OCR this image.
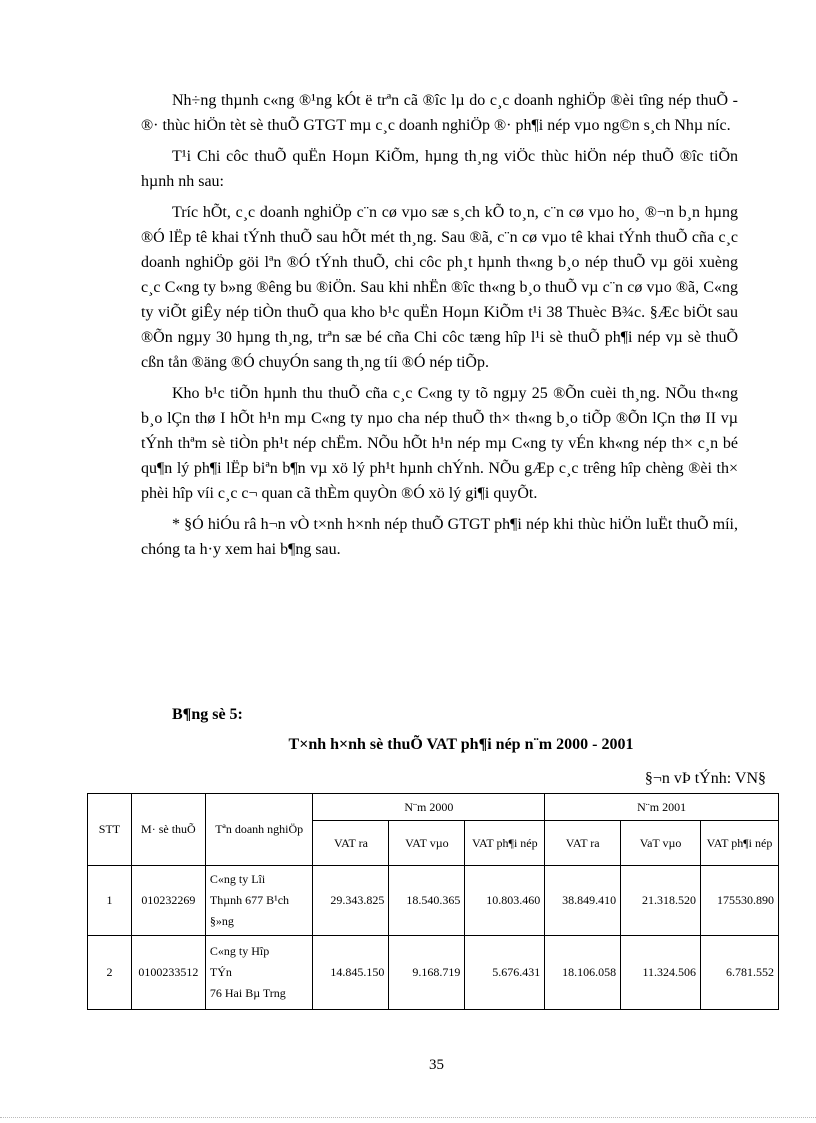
Nh÷ng thµnh c«ng ®¹ng kÓt ë trªn cã ®îc lµ do c¸c doanh nghiÖp ®èi tîng nép thuÕ - ®· thùc hiÖn tèt sè thuÕ GTGT mµ c¸c doanh nghiÖp ®· ph¶i nép vµo ng©n s¸ch Nhµ níc.

T¹i Chi côc thuÕ quËn Hoµn KiÕm, hµng th¸ng viÖc thùc hiÖn nép thuÕ ®îc tiÕn hµnh nh sau:

Tríc hÕt, c¸c doanh nghiÖp c¨n cø vµo sæ s¸ch kÕ to¸n, c¨n cø vµo ho¸ ®¬n b¸n hµng ®Ó lËp tê khai tÝnh thuÕ sau hÕt mét th¸ng. Sau ®ã, c¨n cø vµo tê khai tÝnh thuÕ cña c¸c doanh nghiÖp göi lªn ®Ó tÝnh thuÕ, chi côc ph¸t hµnh th«ng b¸o nép thuÕ vµ göi xuèng c¸c C«ng ty b»ng ®êng bu ®iÖn. Sau khi nhËn ®îc th«ng b¸o thuÕ vµ c¨n cø vµo ®ã, C«ng ty viÕt giÊy nép tiÒn thuÕ qua kho b¹c quËn Hoµn KiÕm t¹i 38 Thuèc B¾c. §Æc biÖt sau ®Õn ngµy 30 hµng th¸ng, trªn sæ bé cña Chi côc tæng hîp l¹i sè thuÕ ph¶i nép vµ sè thuÕ cßn tån ®äng ®Ó chuyÓn sang th¸ng tíi ®Ó nép tiÕp.

Kho b¹c tiÕn hµnh thu thuÕ cña c¸c C«ng ty tõ ngµy 25 ®Õn cuèi th¸ng. NÕu th«ng b¸o lÇn thø I hÕt h¹n mµ C«ng ty nµo cha nép thuÕ th× th«ng b¸o tiÕp ®Õn lÇn thø II vµ tÝnh thªm sè tiÒn ph¹t nép chËm. NÕu hÕt h¹n nép mµ C«ng ty vÉn kh«ng nép th× c¸n bé qu¶n lý ph¶i lËp biªn b¶n vµ xö lý ph¹t hµnh chÝnh. NÕu gÆp c¸c trêng hîp chèng ®èi th× phèi hîp víi c¸c c¬ quan cã thÈm quyÒn ®Ó xö lý gi¶i quyÕt.

* §Ó hiÓu râ h¬n vÒ t×nh h×nh nép thuÕ GTGT ph¶i nép khi thùc hiÖn luËt thuÕ míi, chóng ta h·y xem hai b¶ng sau.

B¶ng sè 5:
T×nh h×nh sè thuÕ VAT ph¶i nép n¨m 2000 - 2001
§¬n vÞ tÝnh: VN§
STT	M· sè thuÕ	Tªn doanh nghiÖp	N¨m 2000			N¨m 2001		
			VAT ra	VAT vµo	VAT ph¶i nép	VAT ra	VaT vµo	VAT ph¶i nép
1	010232269	C«ng ty Lîi
Thµnh 677 B¹ch
§»ng	29.343.825	18.540.365	10.803.460	38.849.410	21.318.520	175530.890
2	0100233512	C«ng ty Hîp
TÝn
76 Hai Bµ Trng	14.845.150	9.168.719	5.676.431	18.106.058	11.324.506	6.781.552
35
